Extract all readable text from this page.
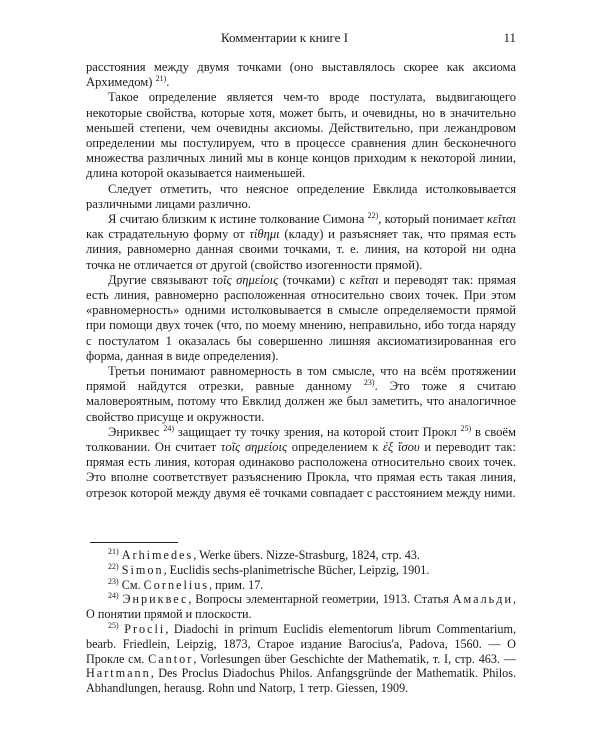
Комментарии к книге I	11

расстояния между двумя точками (оно выставлялось скорее как аксиома Архимедом) $^{21)}$.

Такое определение является чем-то вроде постулата, выдвигающего некоторые свойства, которые хотя, может быть, и очевидны, но в значительно меньшей степени, чем очевидны аксиомы. Действительно, при лежандровом определении мы постулируем, что в процессе сравнения длин бесконечного множества различных линий мы в конце концов приходим к некоторой линии, длина которой оказывается наименьшей.

Следует отметить, что неясное определение Евклида истолковывается различными лицами различно.

Я считаю близким к истине толкование Симона $^{22)}$, который понимает κεῖται как страдательную форму от τίθημι (кладу) и разъясняет так, что прямая есть линия, равномерно данная своими точками, т. е. линия, на которой ни одна точка не отличается от другой (свойство изогенности прямой).

Другие связывают τοῖς σημείοις (точками) с κεῖται и переводят так: прямая есть линия, равномерно расположенная относительно своих точек. При этом «равномерность» одними истолковывается в смысле определяемости прямой при помощи двух точек (что, по моему мнению, неправильно, ибо тогда наряду с постулатом 1 оказалась бы совершенно лишняя аксиоматизированная его форма, данная в виде определения).

Третьи понимают равномерность в том смысле, что на всём протяжении прямой найдутся отрезки, равные данному $^{23)}$. Это тоже я считаю маловероятным, потому что Евклид должен же был заметить, что аналогичное свойство присуще и окружности.

Энриквес $^{24)}$ защищает ту точку зрения, на которой стоит Прокл $^{25)}$ в своём толковании. Он считает τοῖς σημείοις определением к ἐξ ἴσου и переводит так: прямая есть линия, которая одинаково расположена относительно своих точек. Это вполне соответствует разъяснению Прокла, что прямая есть такая линия, отрезок которой между двумя её точками совпадает с расстоянием между ними.

$^{21)}$ Arhimedes, Werke übers. Nizze-Strasburg, 1824, стр. 43.

$^{22)}$ Simon, Euclidis sechs-planimetrische Bücher, Leipzig, 1901.

$^{23)}$ См. Cornelius, прим. 17.

$^{24)}$ Энриквес, Вопросы элементарной геометрии, 1913. Статья Амальди, О понятии прямой и плоскости.

$^{25)}$ Procli, Diadochi in primum Euclidis elementorum librum Commentarium, bearb. Friedlein, Leipzig, 1873, Старое издание Barocius'a, Padova, 1560. — О Прокле см. Cantor, Vorlesungen über Geschichte der Mathematik, т. I, стр. 463. — Hartmann, Des Proclus Diadochus Philos. Anfangsgründe der Mathematik. Philos. Abhandlungen, herausg. Rohn und Natorp, 1 тетр. Giessen, 1909.
